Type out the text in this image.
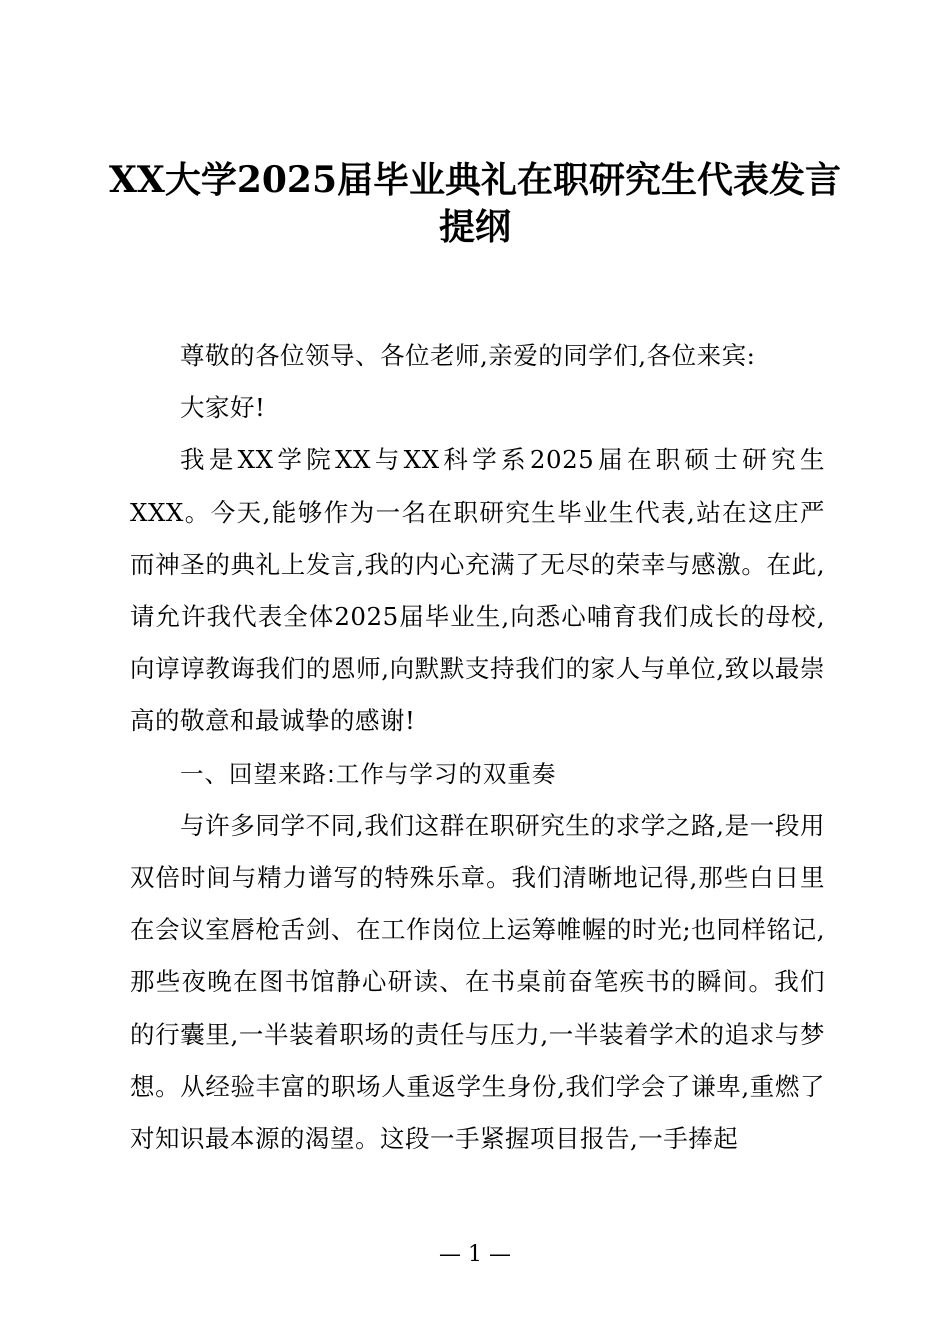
XX大学2025届毕业典礼在职研究生代表发言
提纲

尊敬的各位领导、各位老师,亲爱的同学们,各位来宾:

大家好!

我是XX学院XX与XX科学系2025届在职硕士研究生XXX。今天,能够作为一名在职研究生毕业生代表,站在这庄严而神圣的典礼上发言,我的内心充满了无尽的荣幸与感激。在此,请允许我代表全体2025届毕业生,向悉心哺育我们成长的母校,向谆谆教诲我们的恩师,向默默支持我们的家人与单位,致以最崇高的敬意和最诚挚的感谢!

一、回望来路:工作与学习的双重奏

与许多同学不同,我们这群在职研究生的求学之路,是一段用双倍时间与精力谱写的特殊乐章。我们清晰地记得,那些白日里在会议室唇枪舌剑、在工作岗位上运筹帷幄的时光;也同样铭记,那些夜晚在图书馆静心研读、在书桌前奋笔疾书的瞬间。我们的行囊里,一半装着职场的责任与压力,一半装着学术的追求与梦想。从经验丰富的职场人重返学生身份,我们学会了谦卑,重燃了对知识最本源的渴望。这段一手紧握项目报告,一手捧起

— 1 —
